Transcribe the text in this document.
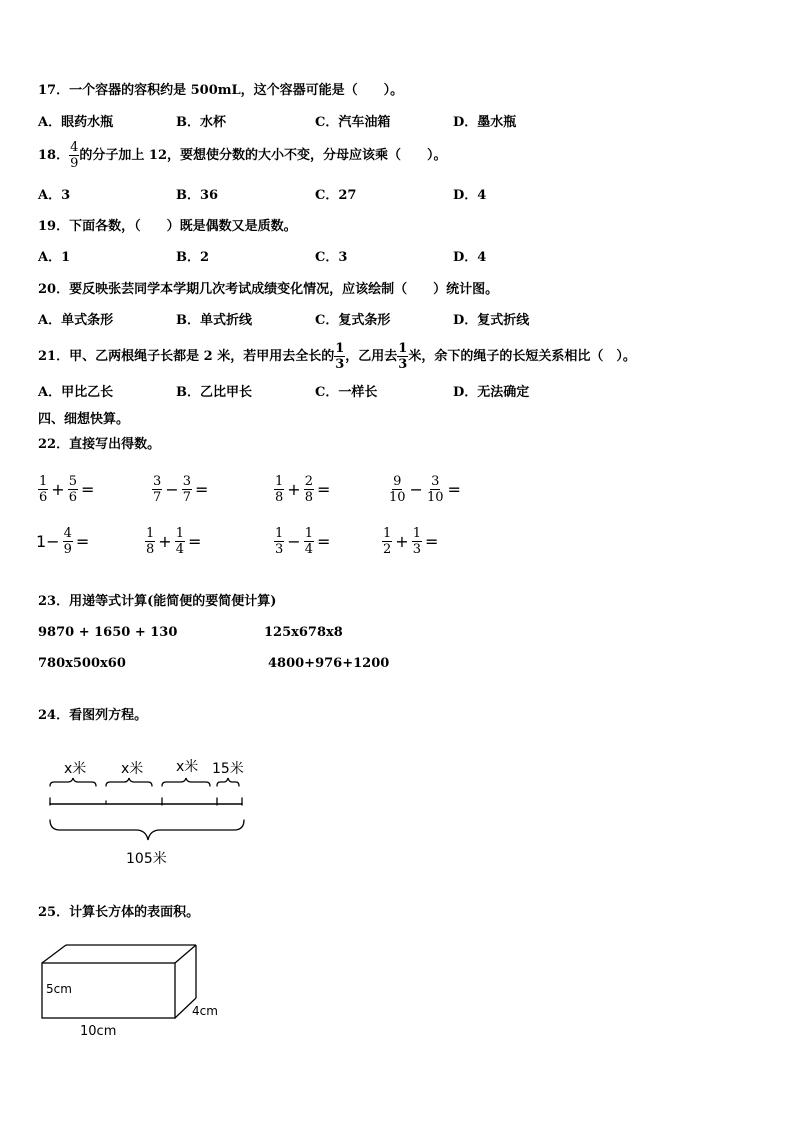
17．一个容器的容积约是 500mL，这个容器可能是（　　）。
A．眼药水瓶	B．水杯	C．汽车油箱	D．墨水瓶
18． $\frac{4}{9}$ 的分子加上 12，要想使分数的大小不变，分母应该乘（　　）。
A．3	B．36	C．27	D．4
19．下面各数，（　　）既是偶数又是质数。
A．1	B．2	C．3	D．4
20．要反映张芸同学本学期几次考试成绩变化情况，应该绘制（　　）统计图。
A．单式条形	B．单式折线	C．复式条形	D．复式折线
21．甲、乙两根绳子长都是 2 米，若甲用去全长的 $\frac{1}{3}$ ，乙用去 $\frac{1}{3}$ 米，余下的绳子的长短关系相比（　）。
A．甲比乙长	B．乙比甲长	C．一样长	D．无法确定
四、细想快算。
22．直接写出得数。
$\frac{1}{6} + \frac{5}{6}$ =	$\frac{3}{7} - \frac{3}{7}$ =	$\frac{1}{8} + \frac{2}{8}$ =	$\frac{9}{10} - \frac{3}{10}$ =
$1- \frac{4}{9}$ =	$\frac{1}{8} + \frac{1}{4}$ =	$\frac{1}{3} - \frac{1}{4}$ =	$\frac{1}{2} + \frac{1}{3}$ =
23．用递等式计算(能简便的要简便计算)
9870 + 1650 + 130	125x678x8
780x500x60	4800+976+1200
24．看图列方程。
x米 x米 x米 15米
105米
25．计算长方体的表面积。
5cm
4cm
10cm
